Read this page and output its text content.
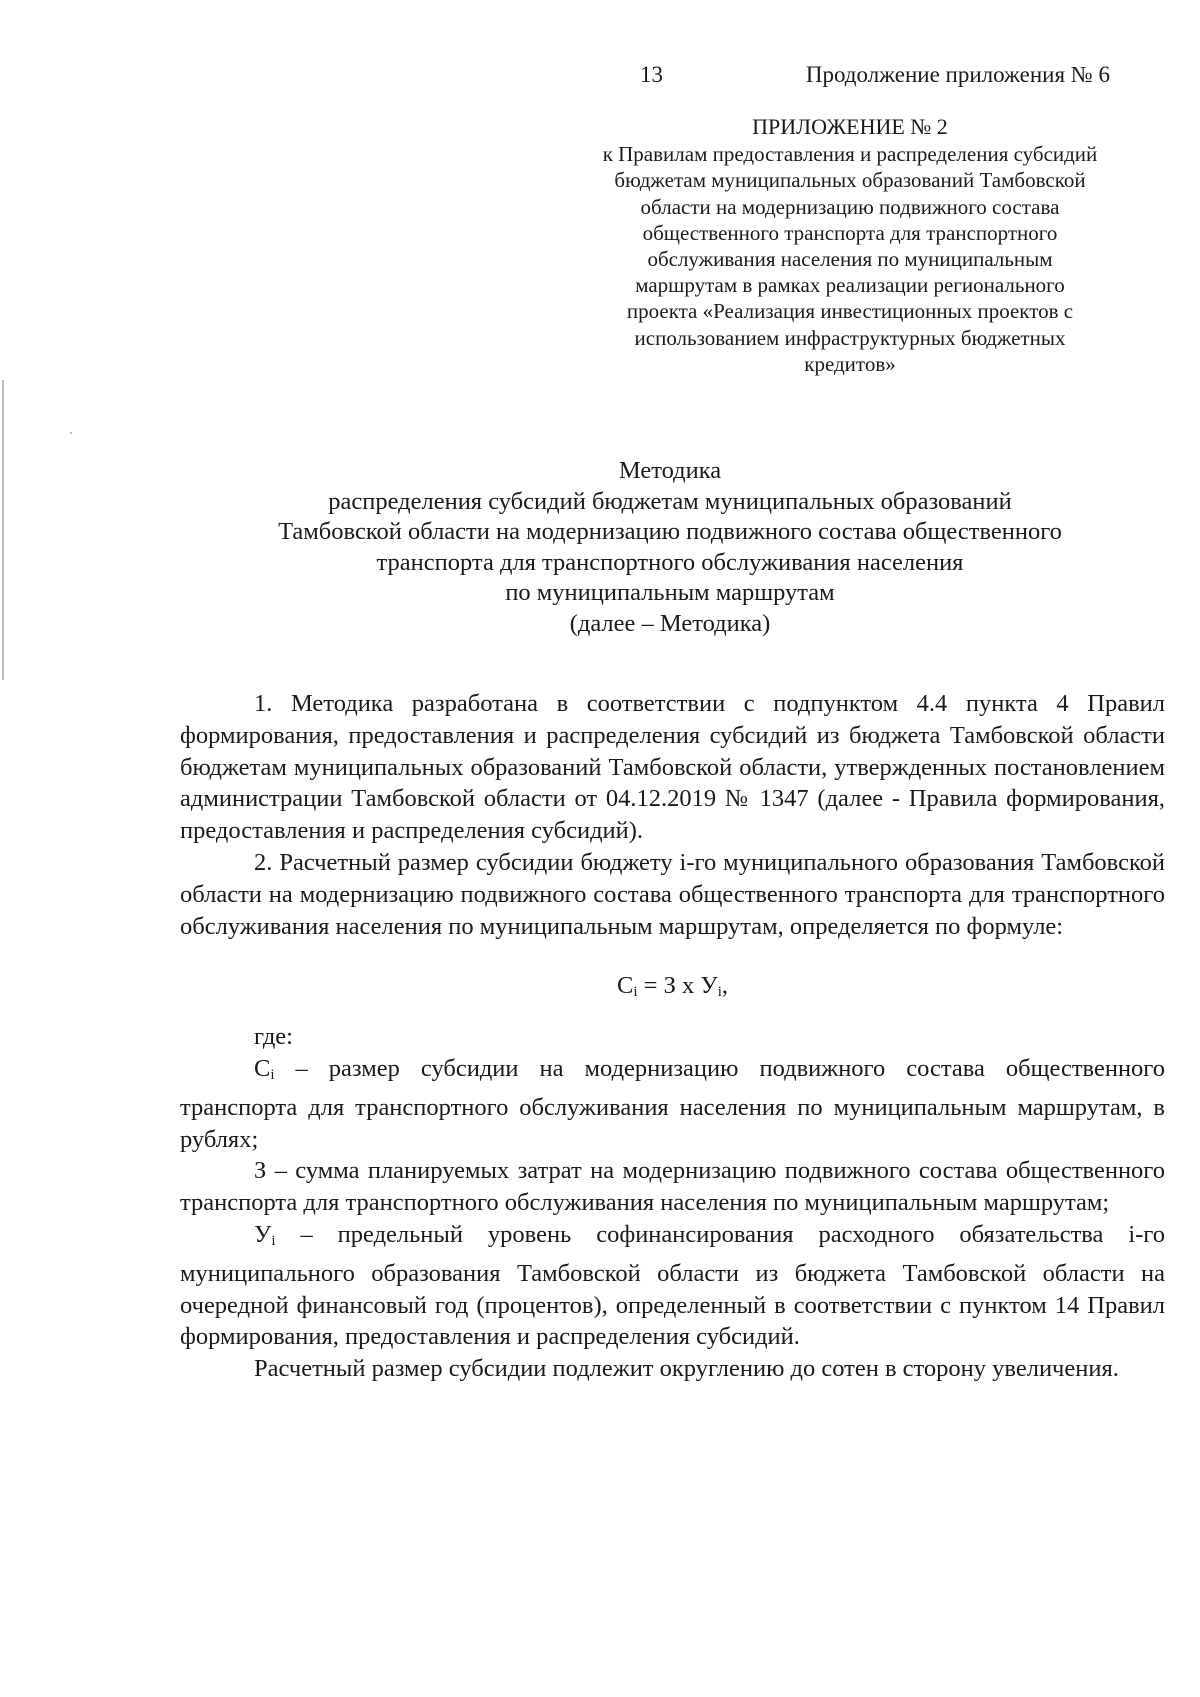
13	Продолжение приложения № 6
ПРИЛОЖЕНИЕ № 2
к Правилам предоставления и распределения субсидий
бюджетам муниципальных образований Тамбовской
области на модернизацию подвижного состава
общественного транспорта для транспортного
обслуживания населения по муниципальным
маршрутам в рамках реализации регионального
проекта «Реализация инвестиционных проектов с
использованием инфраструктурных бюджетных
кредитов»
Методика
распределения субсидий бюджетам муниципальных образований
Тамбовской области на модернизацию подвижного состава общественного
транспорта для транспортного обслуживания населения
по муниципальным маршрутам
(далее – Методика)

1. Методика разработана в соответствии с подпунктом 4.4 пункта 4 Правил формирования, предоставления и распределения субсидий из бюджета Тамбовской области бюджетам муниципальных образований Тамбовской области, утвержденных постановлением администрации Тамбовской области от 04.12.2019 № 1347 (далее - Правила формирования, предоставления и распределения субсидий).

2. Расчетный размер субсидии бюджету i-го муниципального образования Тамбовской области на модернизацию подвижного состава общественного транспорта для транспортного обслуживания населения по муниципальным маршрутам, определяется по формуле:

$С_i = З$ х $У_i$,

где:

$С_i$ – размер субсидии на модернизацию подвижного состава общественного транспорта для транспортного обслуживания населения по муниципальным маршрутам, в рублях;

З – сумма планируемых затрат на модернизацию подвижного состава общественного транспорта для транспортного обслуживания населения по муниципальным маршрутам;

$У_i$ – предельный уровень софинансирования расходного обязательства i-го муниципального образования Тамбовской области из бюджета Тамбовской области на очередной финансовый год (процентов), определенный в соответствии с пунктом 14 Правил формирования, предоставления и распределения субсидий.

Расчетный размер субсидии подлежит округлению до сотен в сторону увеличения.
